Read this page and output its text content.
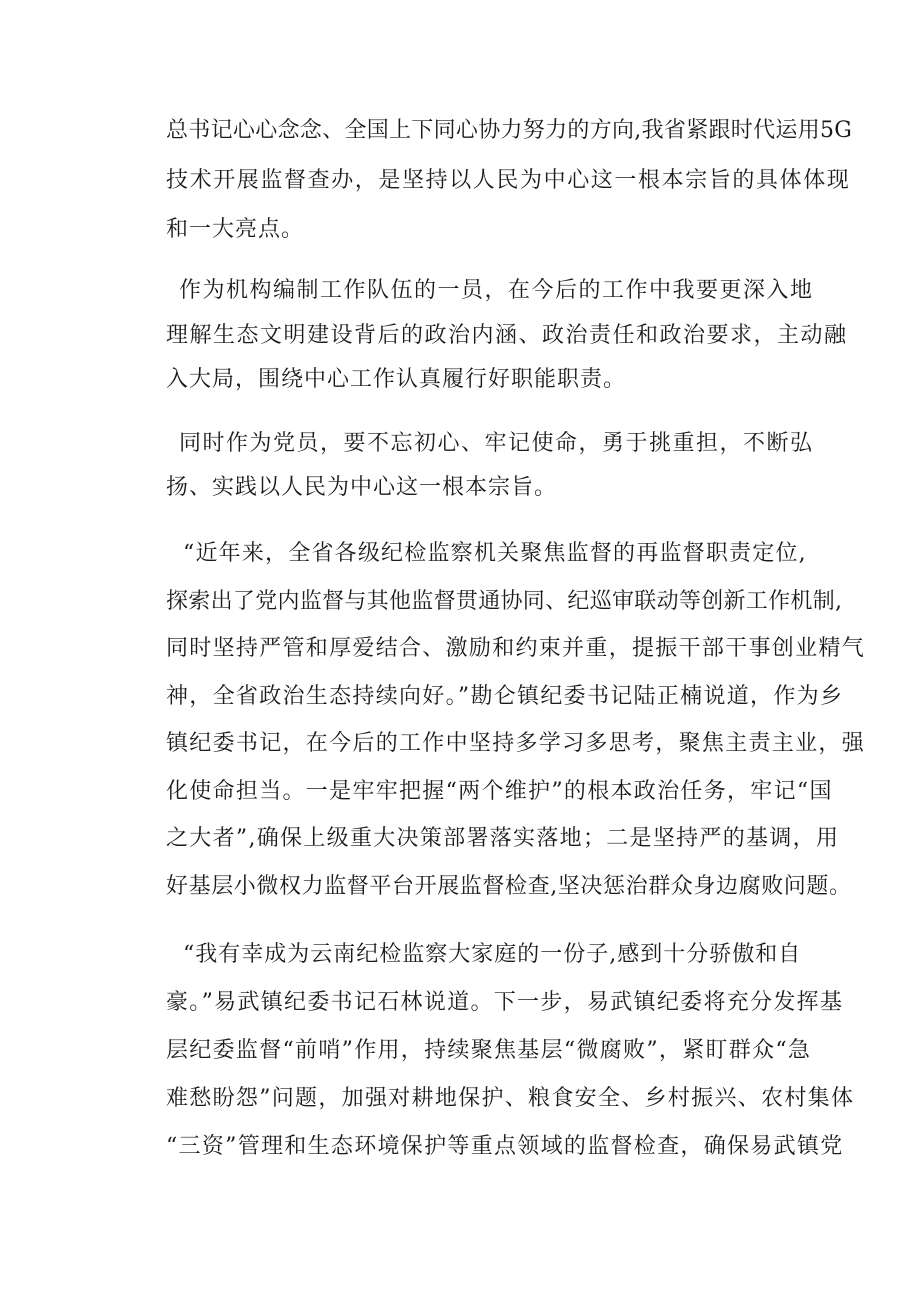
总书记心心念念、全国上下同心协力努力的方向,我省紧跟时代运用5G

技术开展监督查办，是坚持以人民为中心这一根本宗旨的具体体现

和一大亮点。

作为机构编制工作队伍的一员，在今后的工作中我要更深入地

理解生态文明建设背后的政治内涵、政治责任和政治要求，主动融

入大局，围绕中心工作认真履行好职能职责。

同时作为党员，要不忘初心、牢记使命，勇于挑重担，不断弘

扬、实践以人民为中心这一根本宗旨。

“近年来，全省各级纪检监察机关聚焦监督的再监督职责定位,

探索出了党内监督与其他监督贯通协同、纪巡审联动等创新工作机制,

同时坚持严管和厚爱结合、激励和约束并重，提振干部干事创业精气

神，全省政治生态持续向好。”勘仑镇纪委书记陆正楠说道，作为乡

镇纪委书记，在今后的工作中坚持多学习多思考，聚焦主责主业，强

化使命担当。一是牢牢把握“两个维护”的根本政治任务，牢记“国

之大者”,确保上级重大决策部署落实落地；二是坚持严的基调，用

好基层小微权力监督平台开展监督检查,坚决惩治群众身边腐败问题。

“我有幸成为云南纪检监察大家庭的一份子,感到十分骄傲和自

豪。”易武镇纪委书记石林说道。下一步，易武镇纪委将充分发挥基

层纪委监督“前哨”作用，持续聚焦基层“微腐败”，紧盯群众“急

难愁盼怨”问题，加强对耕地保护、粮食安全、乡村振兴、农村集体

“三资”管理和生态环境保护等重点领域的监督检查，确保易武镇党
